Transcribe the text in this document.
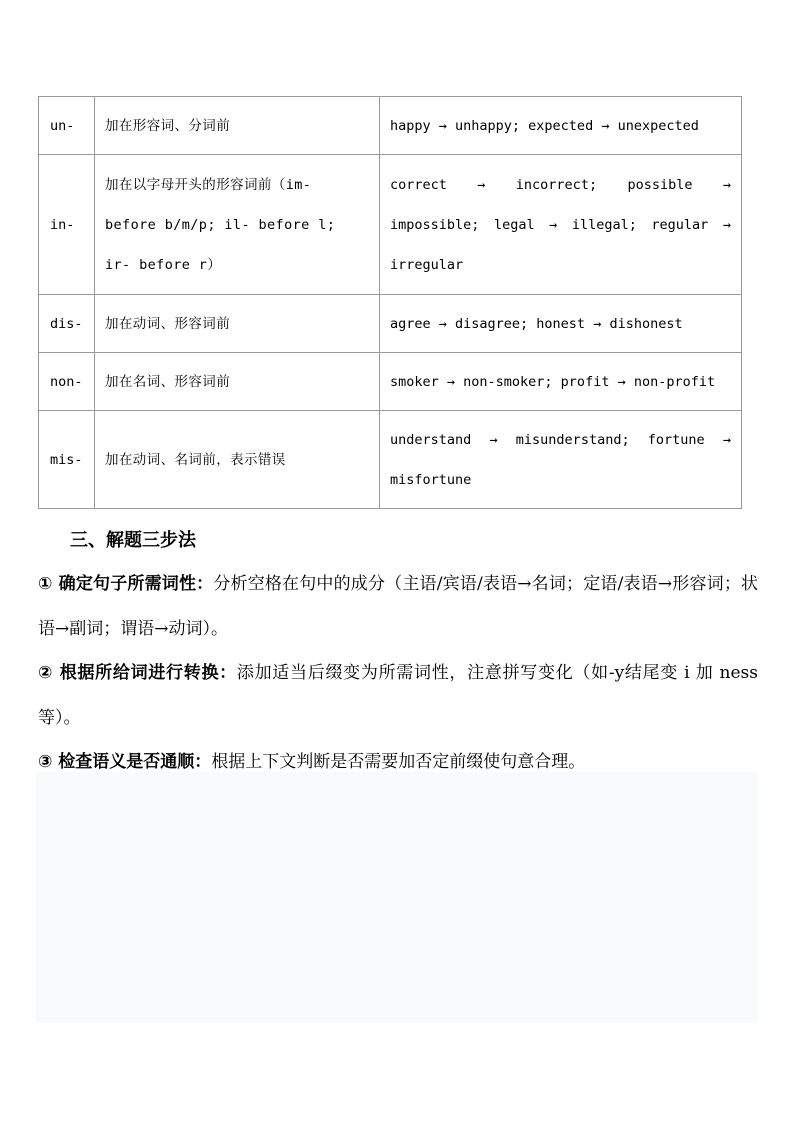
un-	加在形容词、分词前	happy → unhappy; expected → unexpected
in-	加在以字母开头的形容词前（im- before b/m/p; il- before l; ir- before r）	correct → incorrect; possible → impossible; legal → illegal; regular → irregular
dis-	加在动词、形容词前	agree → disagree; honest → dishonest
non-	加在名词、形容词前	smoker → non-smoker; profit → non-profit
mis-	加在动词、名词前，表示错误	understand → misunderstand; fortune → misfortune
三、解题三步法

① 确定句子所需词性：分析空格在句中的成分（主语/宾语/表语→名词；定语/表语→形容词；状语→副词；谓语→动词）。

② 根据所给词进行转换：添加适当后缀变为所需词性，注意拼写变化（如-y结尾变 i 加 ness 等）。

③ 检查语义是否通顺：根据上下文判断是否需要加否定前缀使句意合理。
